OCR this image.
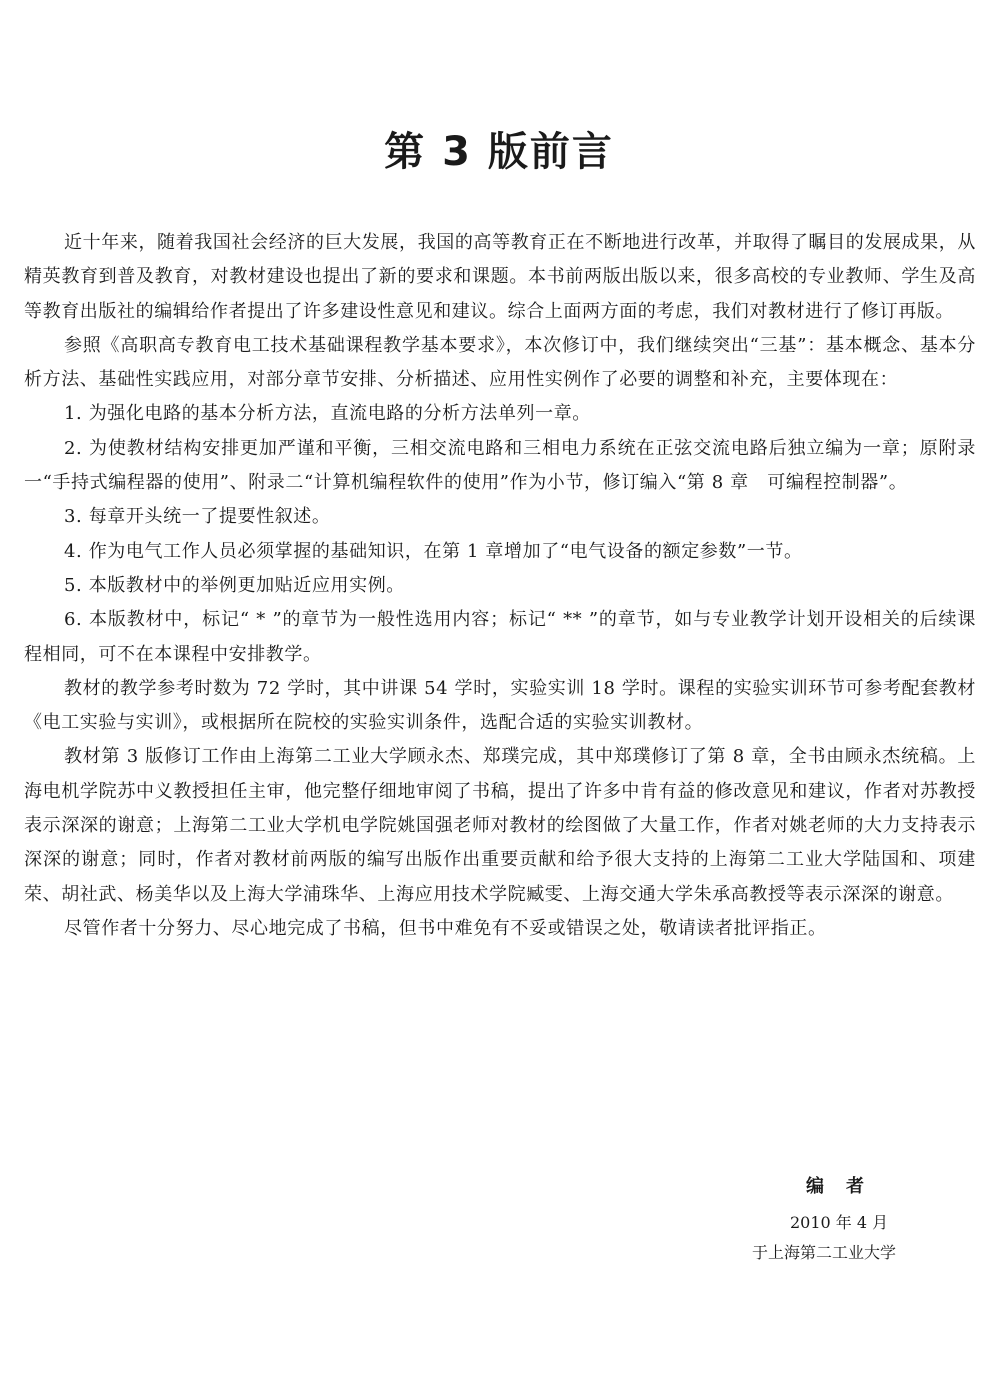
第 3 版前言

近十年来，随着我国社会经济的巨大发展，我国的高等教育正在不断地进行改革，并取得了瞩目的发展成果，从精英教育到普及教育，对教材建设也提出了新的要求和课题。本书前两版出版以来，很多高校的专业教师、学生及高等教育出版社的编辑给作者提出了许多建设性意见和建议。综合上面两方面的考虑，我们对教材进行了修订再版。

参照《高职高专教育电工技术基础课程教学基本要求》，本次修订中，我们继续突出“三基”：基本概念、基本分析方法、基础性实践应用，对部分章节安排、分析描述、应用性实例作了必要的调整和补充，主要体现在：

1. 为强化电路的基本分析方法，直流电路的分析方法单列一章。

2. 为使教材结构安排更加严谨和平衡，三相交流电路和三相电力系统在正弦交流电路后独立编为一章；原附录一“手持式编程器的使用”、附录二“计算机编程软件的使用”作为小节，修订编入“第 8 章　可编程控制器”。

3. 每章开头统一了提要性叙述。

4. 作为电气工作人员必须掌握的基础知识，在第 1 章增加了“电气设备的额定参数”一节。

5. 本版教材中的举例更加贴近应用实例。

6. 本版教材中，标记“ * ”的章节为一般性选用内容；标记“ ** ”的章节，如与专业教学计划开设相关的后续课程相同，可不在本课程中安排教学。

教材的教学参考时数为 72 学时，其中讲课 54 学时，实验实训 18 学时。课程的实验实训环节可参考配套教材《电工实验与实训》，或根据所在院校的实验实训条件，选配合适的实验实训教材。

教材第 3 版修订工作由上海第二工业大学顾永杰、郑璞完成，其中郑璞修订了第 8 章，全书由顾永杰统稿。上海电机学院苏中义教授担任主审，他完整仔细地审阅了书稿，提出了许多中肯有益的修改意见和建议，作者对苏教授表示深深的谢意；上海第二工业大学机电学院姚国强老师对教材的绘图做了大量工作，作者对姚老师的大力支持表示深深的谢意；同时，作者对教材前两版的编写出版作出重要贡献和给予很大支持的上海第二工业大学陆国和、项建荣、胡社武、杨美华以及上海大学浦珠华、上海应用技术学院臧雯、上海交通大学朱承高教授等表示深深的谢意。

尽管作者十分努力、尽心地完成了书稿，但书中难免有不妥或错误之处，敬请读者批评指正。

编者
2010 年 4 月
于上海第二工业大学
